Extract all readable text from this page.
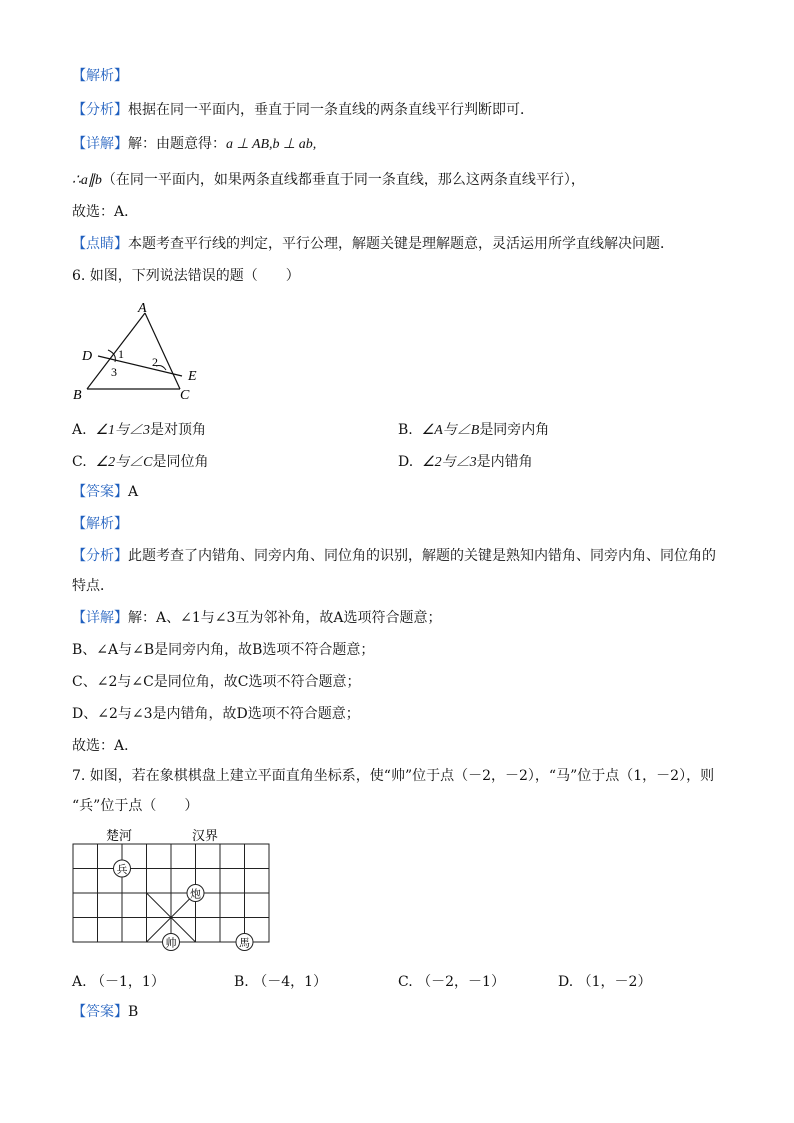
【解析】
【分析】根据在同一平面内，垂直于同一条直线的两条直线平行判断即可．
【详解】解：由题意得：a ⊥ AB,b ⊥ ab,
∴a∥b（在同一平面内，如果两条直线都垂直于同一条直线，那么这两条直线平行），
故选：A．
【点睛】本题考查平行线的判定，平行公理，解题关键是理解题意，灵活运用所学直线解决问题．
6. 如图，下列说法错误的题（　　）
A
D
E
B	C
1
2
3
A. ∠1与∠3是对顶角	B. ∠A与∠B是同旁内角
C. ∠2与∠C是同位角	D. ∠2与∠3是内错角
【答案】A
【解析】
【分析】此题考查了内错角、同旁内角、同位角的识别，解题的关键是熟知内错角、同旁内角、同位角的
特点．
【详解】解：A、∠1与∠3互为邻补角，故A选项符合题意；
B、∠A与∠B是同旁内角，故B选项不符合题意；
C、∠2与∠C是同位角，故C选项不符合题意；
D、∠2与∠3是内错角，故D选项不符合题意；
故选：A．
7. 如图，若在象棋棋盘上建立平面直角坐标系，使“帅”位于点（－2，－2），“马”位于点（1，－2），则
“兵”位于点（　　）
楚河	汉界
兵
炮
帅	馬
A. （－1，1）	B. （－4，1）	C. （－2，－1）	D. （1，－2）
【答案】B
